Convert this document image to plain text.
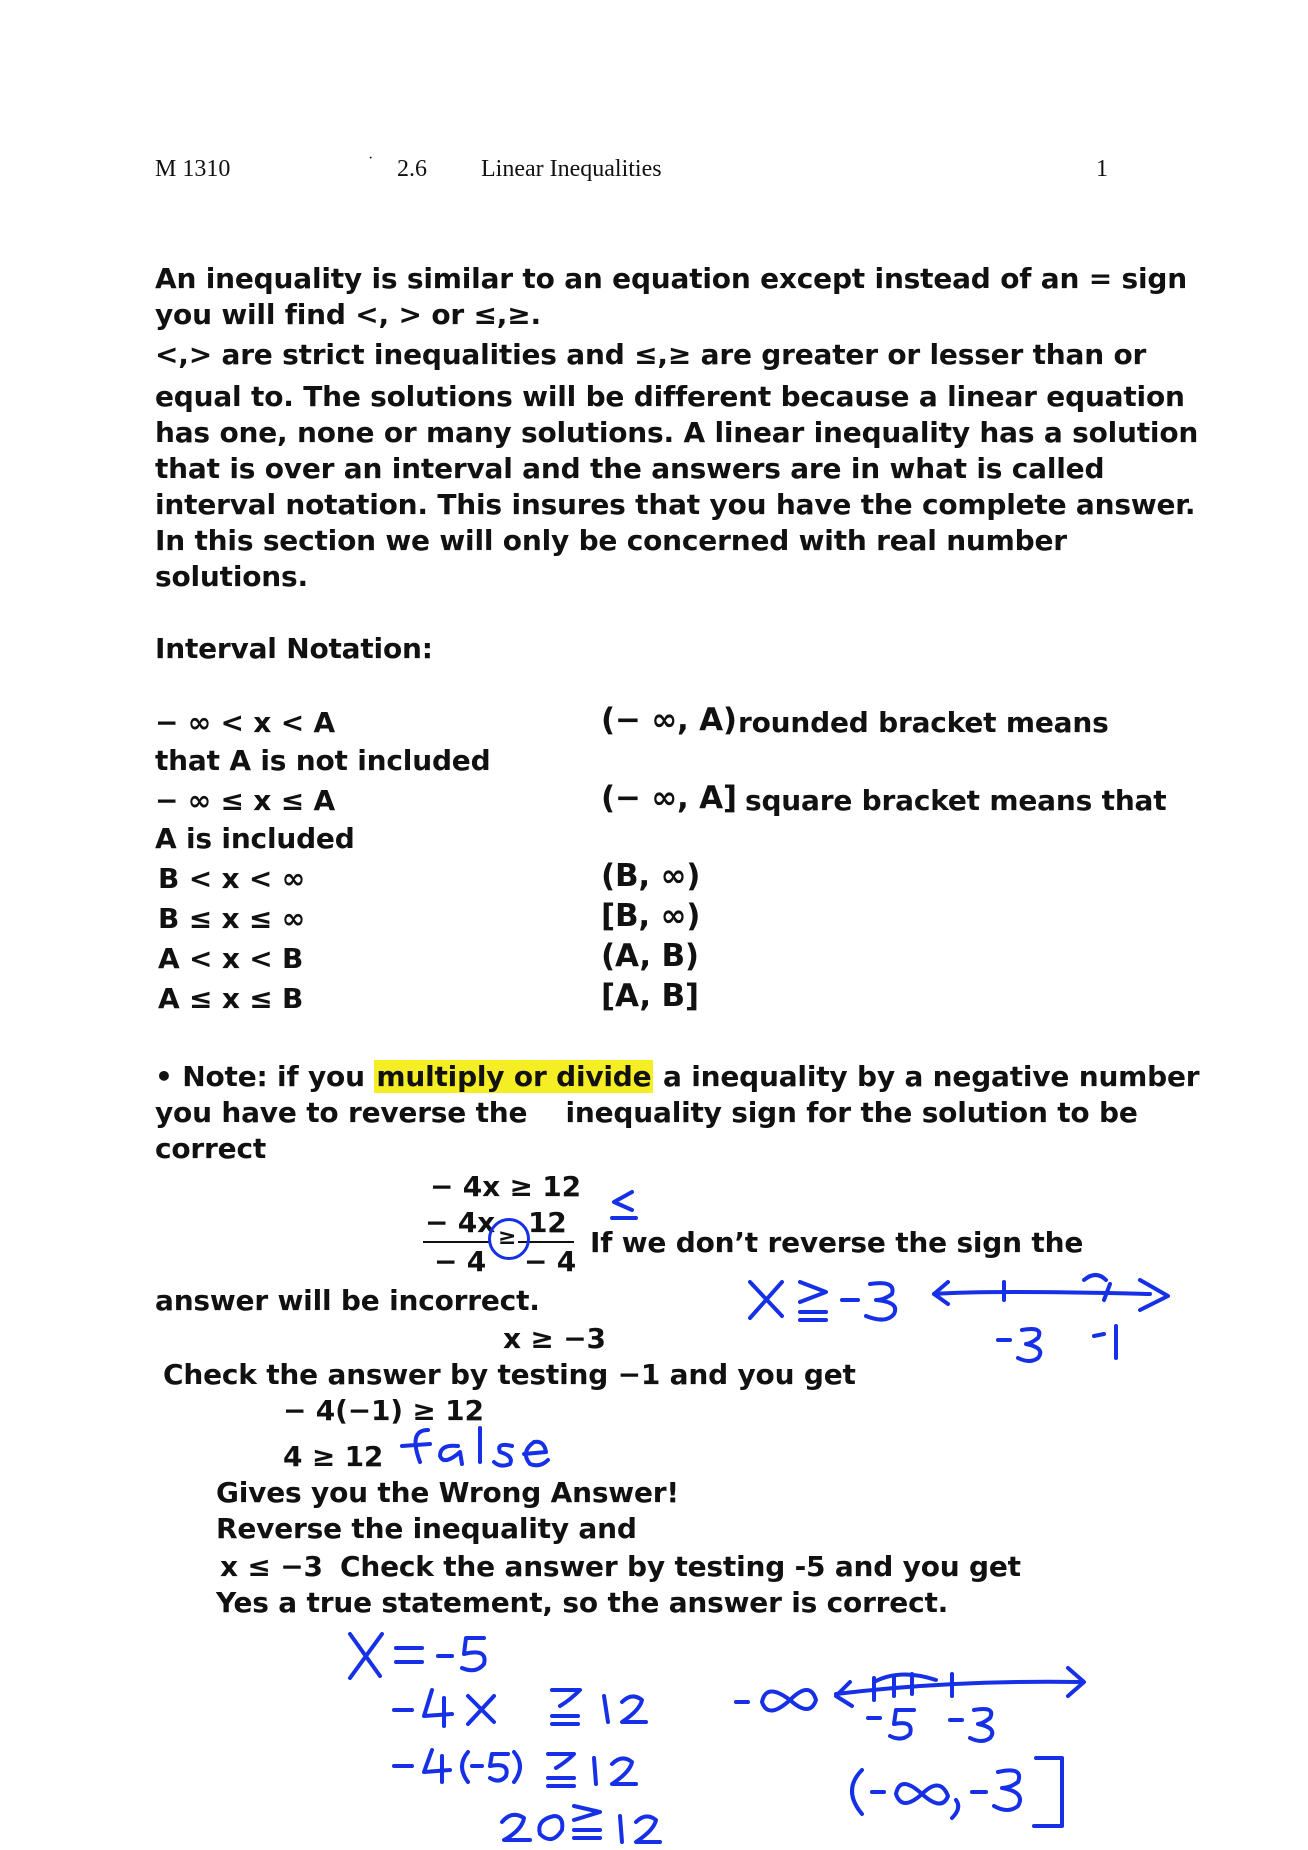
M 1310	· 2.6 Linear Inequalities	1

An inequality is similar to an equation except instead of an = sign

you will find <, > or ≤,≥.

<,> are strict inequalities and ≤,≥ are greater or lesser than or

equal to. The solutions will be different because a linear equation

has one, none or many solutions. A linear inequality has a solution

that is over an interval and the answers are in what is called

interval notation. This insures that you have the complete answer.

In this section we will only be concerned with real number

solutions.

Interval Notation:
− ∞ < x < A	(− ∞, A) rounded bracket means
that A is not included
− ∞ ≤ x ≤ A	(− ∞, A] square bracket means that
A is included
B < x < ∞	(B, ∞)
B ≤ x ≤ ∞	[B, ∞)
A < x < B	(A, B)
A ≤ x ≤ B	[A, B]
• Note: if you multiply or divide a inequality by a negative number
you have to reverse the    inequality sign for the solution to be
correct
− 4x ≥ 12
− 4x 12
− 4 − 4
≥	If we don’t reverse the sign the
answer will be incorrect.
x ≥ −3
Check the answer by testing −1 and you get
− 4(−1) ≥ 12
4 ≥ 12
Gives you the Wrong Answer!
Reverse the inequality and
x ≤ −3 Check the answer by testing -5 and you get
Yes a true statement, so the answer is correct.
